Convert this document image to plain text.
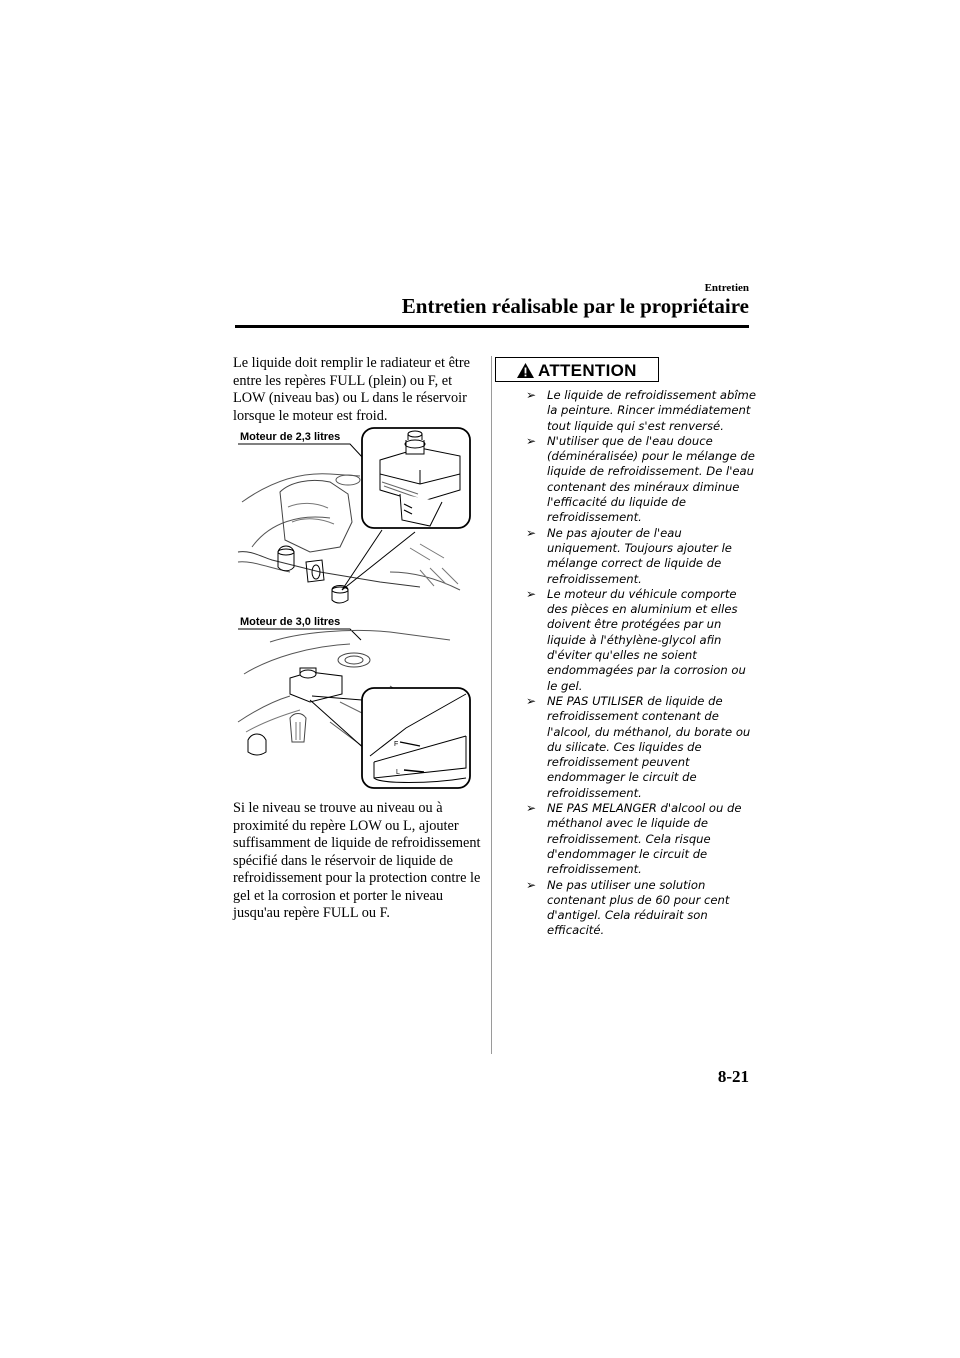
Entretien
Entretien réalisable par le propriétaire

Le liquide doit remplir le radiateur et être entre les repères FULL (plein) ou F, et LOW (niveau bas) ou L dans le réservoir lorsque le moteur est froid.

Moteur de 2,3 litres
Moteur de 3,0 litres
F
L

Si le niveau se trouve au niveau ou à proximité du repère LOW ou L, ajouter suffisamment de liquide de refroidissement spécifié dans le réservoir de liquide de refroidissement pour la protection contre le gel et la corrosion et porter le niveau jusqu'au repère FULL ou F.

ATTENTION
➢ Le liquide de refroidissement abîme la peinture. Rincer immédiatement tout liquide qui s'est renversé.
➢ N'utiliser que de l'eau douce (déminéralisée) pour le mélange de liquide de refroidissement. De l'eau contenant des minéraux diminue l'efficacité du liquide de refroidissement.
➢ Ne pas ajouter de l'eau uniquement. Toujours ajouter le mélange correct de liquide de refroidissement.
➢ Le moteur du véhicule comporte des pièces en aluminium et elles doivent être protégées par un liquide à l'éthylène-glycol afin d'éviter qu'elles ne soient endommagées par la corrosion ou le gel.
➢ NE PAS UTILISER de liquide de refroidissement contenant de l'alcool, du méthanol, du borate ou du silicate. Ces liquides de refroidissement peuvent endommager le circuit de refroidissement.
➢ NE PAS MELANGER d'alcool ou de méthanol avec le liquide de refroidissement. Cela risque d'endommager le circuit de refroidissement.
➢ Ne pas utiliser une solution contenant plus de 60 pour cent d'antigel. Cela réduirait son efficacité.
8-21
